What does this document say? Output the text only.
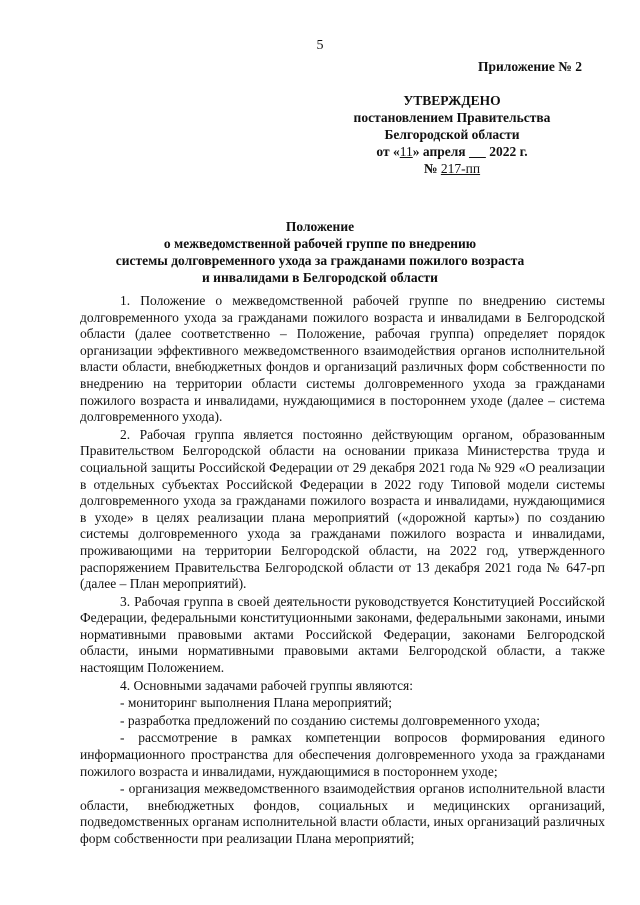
5
Приложение № 2
УТВЕРЖДЕНО
постановлением Правительства
Белгородской области
от «11» апреля 2022 г.
№ 217-пп
Положение
о межведомственной рабочей группе по внедрению
системы долговременного ухода за гражданами пожилого возраста
и инвалидами в Белгородской области

1. Положение о межведомственной рабочей группе по внедрению системы долговременного ухода за гражданами пожилого возраста и инвалидами в Белгородской области (далее соответственно – Положение, рабочая группа) определяет порядок организации эффективного межведомственного взаимодействия органов исполнительной власти области, внебюджетных фондов и организаций различных форм собственности по внедрению на территории области системы долговременного ухода за гражданами пожилого возраста и инвалидами, нуждающимися в постороннем уходе (далее – система долговременного ухода).

2. Рабочая группа является постоянно действующим органом, образованным Правительством Белгородской области на основании приказа Министерства труда и социальной защиты Российской Федерации от 29 декабря 2021 года № 929 «О реализации в отдельных субъектах Российской Федерации в 2022 году Типовой модели системы долговременного ухода за гражданами пожилого возраста и инвалидами, нуждающимися в уходе» в целях реализации плана мероприятий («дорожной карты») по созданию системы долговременного ухода за гражданами пожилого возраста и инвалидами, проживающими на территории Белгородской области, на 2022 год, утвержденного распоряжением Правительства Белгородской области от 13 декабря 2021 года № 647-рп (далее – План мероприятий).

3. Рабочая группа в своей деятельности руководствуется Конституцией Российской Федерации, федеральными конституционными законами, федеральными законами, иными нормативными правовыми актами Российской Федерации, законами Белгородской области, иными нормативными правовыми актами Белгородской области, а также настоящим Положением.

4. Основными задачами рабочей группы являются:

- мониторинг выполнения Плана мероприятий;

- разработка предложений по созданию системы долговременного ухода;

- рассмотрение в рамках компетенции вопросов формирования единого информационного пространства для обеспечения долговременного ухода за гражданами пожилого возраста и инвалидами, нуждающимися в постороннем уходе;

- организация межведомственного взаимодействия органов исполнительной власти области, внебюджетных фондов, социальных и медицинских организаций, подведомственных органам исполнительной власти области, иных организаций различных форм собственности при реализации Плана мероприятий;
